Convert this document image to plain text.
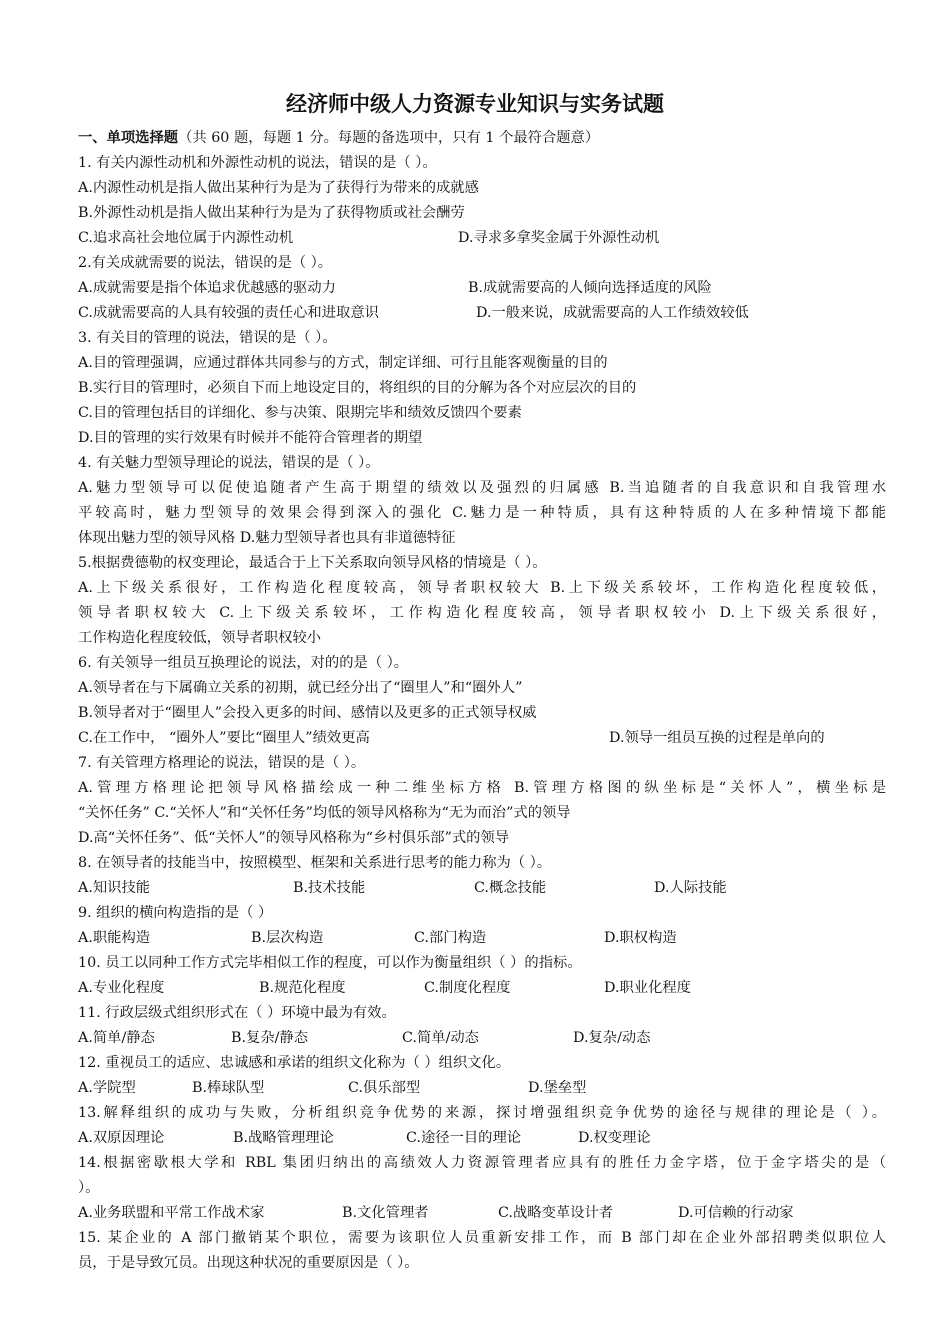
经济师中级人力资源专业知识与实务试题
一、单项选择题（共 60 题，每题 1 分。每题的备选项中，只有 1 个最符合题意）
1. 有关内源性动机和外源性动机的说法，错误的是（ ）。
A.内源性动机是指人做出某种行为是为了获得行为带来的成就感
B.外源性动机是指人做出某种行为是为了获得物质或社会酬劳
C.追求高社会地位属于内源性动机	D.寻求多拿奖金属于外源性动机
2.有关成就需要的说法，错误的是（ ）。
A.成就需要是指个体追求优越感的驱动力	B.成就需要高的人倾向选择适度的风险
C.成就需要高的人具有较强的责任心和进取意识	D.一般来说，成就需要高的人工作绩效较低
3. 有关目的管理的说法，错误的是（ ）。
A.目的管理强调，应通过群体共同参与的方式，制定详细、可行且能客观衡量的目的
B.实行目的管理时，必须自下而上地设定目的，将组织的目的分解为各个对应层次的目的
C.目的管理包括目的详细化、参与决策、限期完毕和绩效反馈四个要素
D.目的管理的实行效果有时候并不能符合管理者的期望
4. 有关魅力型领导理论的说法，错误的是（ ）。
A.魅力型领导可以促使追随者产生高于期望的绩效以及强烈的归属感 B.当追随者的自我意识和自我管理水
平较高时，魅力型领导的效果会得到深入的强化 C.魅力是一种特质，具有这种特质的人在多种情境下都能
体现出魅力型的领导风格 D.魅力型领导者也具有非道德特征
5.根据费德勒的权变理论，最适合于上下关系取向领导风格的情境是（ ）。
A.上下级关系很好，工作构造化程度较高，领导者职权较大 B.上下级关系较坏，工作构造化程度较低，
领导者职权较大 C.上下级关系较坏，工作构造化程度较高，领导者职权较小 D.上下级关系很好，
工作构造化程度较低，领导者职权较小
6. 有关领导一组员互换理论的说法，对的的是（ ）。
A.领导者在与下属确立关系的初期，就已经分出了“圈里人”和“圈外人”
B.领导者对于“圈里人”会投入更多的时间、感情以及更多的正式领导权威
C.在工作中， “圈外人”要比“圈里人”绩效更高	D.领导一组员互换的过程是单向的
7. 有关管理方格理论的说法，错误的是（ ）。
A.管理方格理论把领导风格描绘成一种二维坐标方格 B.管理方格图的纵坐标是“关怀人”，横坐标是
“关怀任务” C.“关怀人”和“关怀任务”均低的领导风格称为“无为而治”式的领导
D.高“关怀任务”、低“关怀人”的领导风格称为“乡村俱乐部”式的领导
8. 在领导者的技能当中，按照模型、框架和关系进行思考的能力称为（ ）。
A.知识技能	B.技术技能	C.概念技能	D.人际技能
9. 组织的横向构造指的是（ ）
A.职能构造	B.层次构造	C.部门构造	D.职权构造
10. 员工以同种工作方式完毕相似工作的程度，可以作为衡量组织（ ）的指标。
A.专业化程度	B.规范化程度	C.制度化程度	D.职业化程度
11. 行政层级式组织形式在（ ）环境中最为有效。
A.简单/静态	B.复杂/静态	C.简单/动态	D.复杂/动态
12. 重视员工的适应、忠诚感和承诺的组织文化称为（ ）组织文化。
A.学院型	B.棒球队型	C.俱乐部型	D.堡垒型
13.解释组织的成功与失败，分析组织竞争优势的来源，探讨增强组织竞争优势的途径与规律的理论是（ ）。
A.双原因理论	B.战略管理理论	C.途径一目的理论	D.权变理论
14.根据密歇根大学和 RBL 集团归纳出的高绩效人力资源管理者应具有的胜任力金字塔，位于金字塔尖的是（
）。
A.业务联盟和平常工作战术家	B.文化管理者	C.战略变革设计者	D.可信赖的行动家
15. 某企业的 A 部门撤销某个职位，需要为该职位人员重新安排工作，而 B 部门却在企业外部招聘类似职位人
员，于是导致冗员。出现这种状况的重要原因是（ ）。
